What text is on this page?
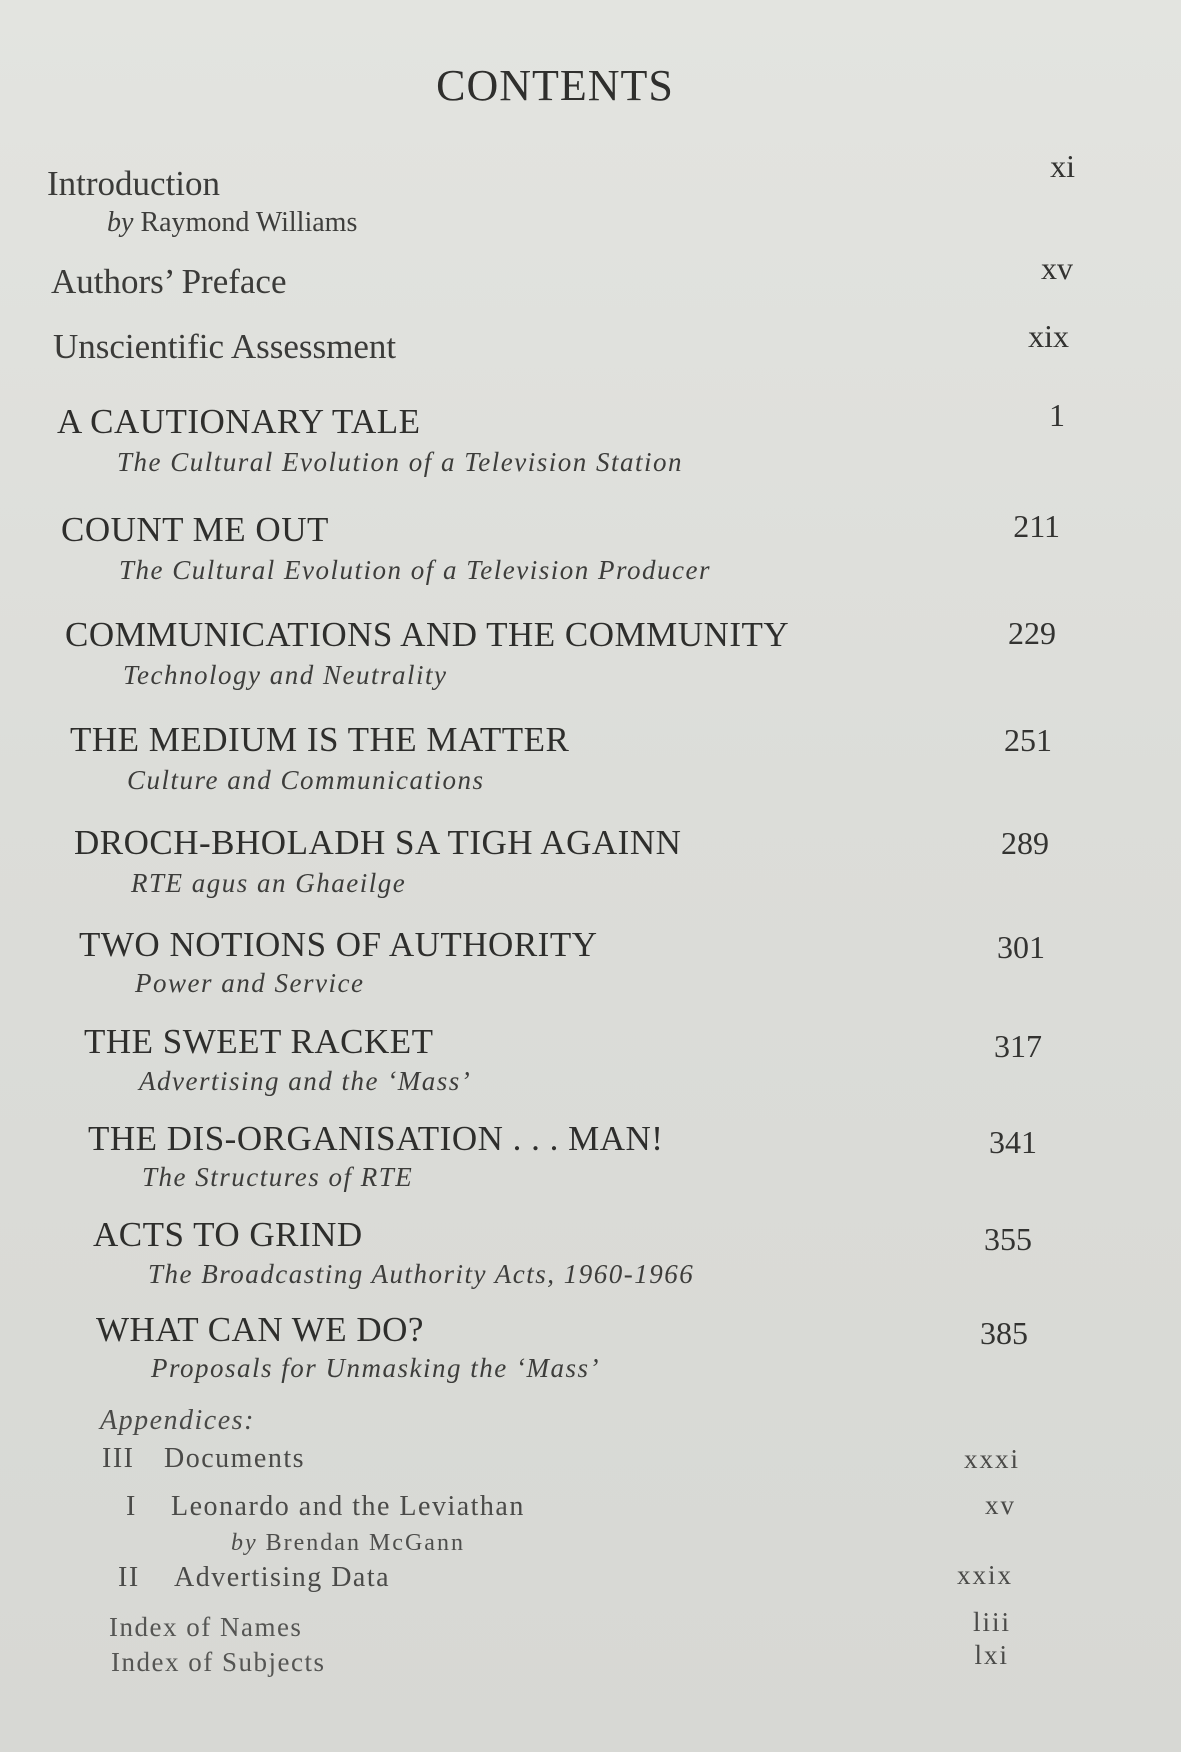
CONTENTS
Introduction
by Raymond Williams
xi
Authors’ Preface	xv
Unscientific Assessment	xix
A CAUTIONARY TALE
The Cultural Evolution of a Television Station
1
COUNT ME OUT
The Cultural Evolution of a Television Producer
211
COMMUNICATIONS AND THE COMMUNITY
Technology and Neutrality
229
THE MEDIUM IS THE MATTER
Culture and Communications
251
DROCH-BHOLADH SA TIGH AGAINN
RTE agus an Ghaeilge
289
TWO NOTIONS OF AUTHORITY
Power and Service
301
THE SWEET RACKET
Advertising and the ‘Mass’
317
THE DIS-ORGANISATION . . . MAN!
The Structures of RTE
341
ACTS TO GRIND
The Broadcasting Authority Acts, 1960-1966
355
WHAT CAN WE DO?
Proposals for Unmasking the ‘Mass’
385
Appendices:
III Documents	xxxi
I Leonardo and the Leviathan
by Brendan McGann
xv
II Advertising Data	xxix
Index of Names	liii
Index of Subjects	lxi
